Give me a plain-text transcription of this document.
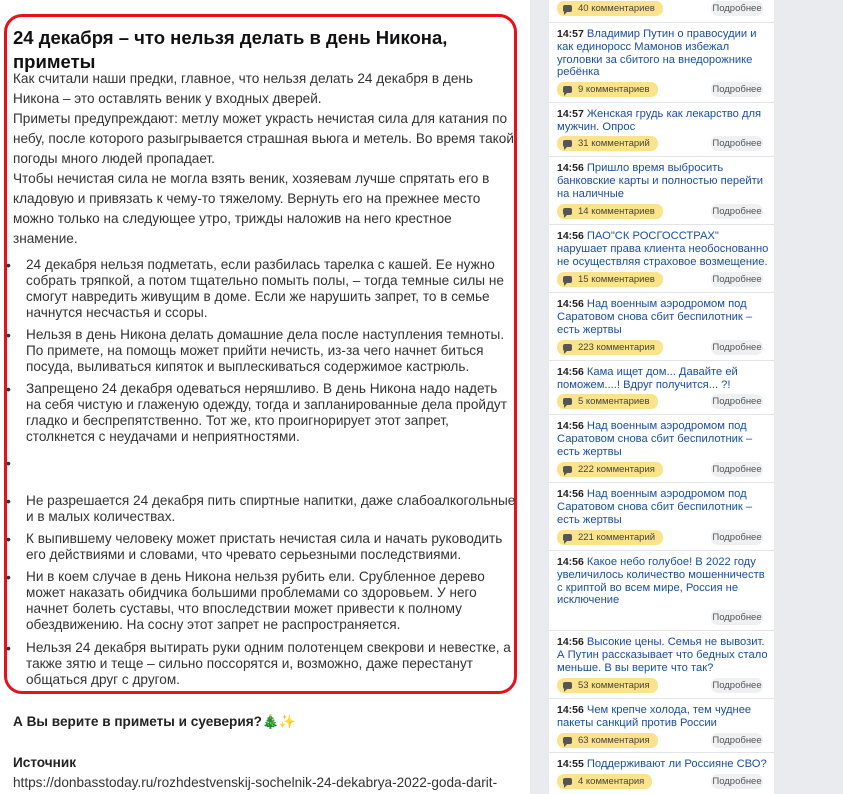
24 декабря – что нельзя делать в день Никона, приметы

Как считали наши предки, главное, что нельзя делать 24 декабря в день Никона – это оставлять веник у входных дверей.

Приметы предупреждают: метлу может украсть нечистая сила для катания по небу, после которого разыгрывается страшная вьюга и метель. Во время такой погоды много людей пропадает.

Чтобы нечистая сила не могла взять веник, хозяевам лучше спрятать его в кладовую и привязать к чему-то тяжелому. Вернуть его на прежнее место можно только на следующее утро, трижды наложив на него крестное знамение.

• 24 декабря нельзя подметать, если разбилась тарелка с кашей. Ее нужно собрать тряпкой, а потом тщательно помыть полы, – тогда темные силы не смогут навредить живущим в доме. Если же нарушить запрет, то в семье начнутся несчастья и ссоры.
• Нельзя в день Никона делать домашние дела после наступления темноты. По примете, на помощь может прийти нечисть, из-за чего начнет биться посуда, выливаться кипяток и выплескиваться содержимое кастрюль.
• Запрещено 24 декабря одеваться неряшливо. В день Никона надо надеть на себя чистую и глаженую одежду, тогда и запланированные дела пройдут гладко и беспрепятственно. Тот же, кто проигнорирует этот запрет, столкнется с неудачами и неприятностями.
• Не разрешается 24 декабря пить спиртные напитки, даже слабоалкогольные и в малых количествах.
• К выпившему человеку может пристать нечистая сила и начать руководить его действиями и словами, что чревато серьезными последствиями.
• Ни в коем случае в день Никона нельзя рубить ели. Срубленное дерево может наказать обидчика большими проблемами со здоровьем. У него начнет болеть суставы, что впоследствии может привести к полному обездвижению. На сосну этот запрет не распространяется.
• Нельзя 24 декабря вытирать руки одним полотенцем свекрови и невестке, а также зятю и теще – сильно поссорятся и, возможно, даже перестанут общаться друг с другом.
А Вы верите в приметы и суеверия?🎄✨
Источник
https://donbasstoday.ru/rozhdestvenskij-sochelnik-24-dekabrya-2022-goda-darit-
40 комментариев	Подробнее
14:57 Владимир Путин о правосудии и как единоросс Мамонов избежал уголовки за сбитого на внедорожнике ребёнка
9 комментариев	Подробнее
14:57 Женская грудь как лекарство для мужчин. Опрос
31 комментарий	Подробнее
14:56 Пришло время выбросить банковские карты и полностью перейти на наличные
14 комментариев	Подробнее
14:56 ПАО"СК РОСГОССТРАХ" нарушает права клиента необоснованно не осуществляя страховое возмещение.
15 комментариев	Подробнее
14:56 Над военным аэродромом под Саратовом снова сбит беспилотник – есть жертвы
223 комментария	Подробнее
14:56 Кама ищет дом... Давайте ей поможем....! Вдруг получится... ?!
5 комментариев	Подробнее
14:56 Над военным аэродромом под Саратовом снова сбит беспилотник – есть жертвы
222 комментария	Подробнее
14:56 Над военным аэродромом под Саратовом снова сбит беспилотник – есть жертвы
221 комментарий	Подробнее
14:56 Какое небо голубое! В 2022 году увеличилось количество мошенничеств с криптой во всем мире, Россия не исключение
Подробнее
14:56 Высокие цены. Семья не вывозит. А Путин рассказывает что бедных стало меньше. В вы верите что так?
53 комментария	Подробнее
14:56 Чем крепче холода, тем чуднее пакеты санкций против России
63 комментария	Подробнее
14:55 Поддерживают ли Россияне СВО?
4 комментария	Подробнее
